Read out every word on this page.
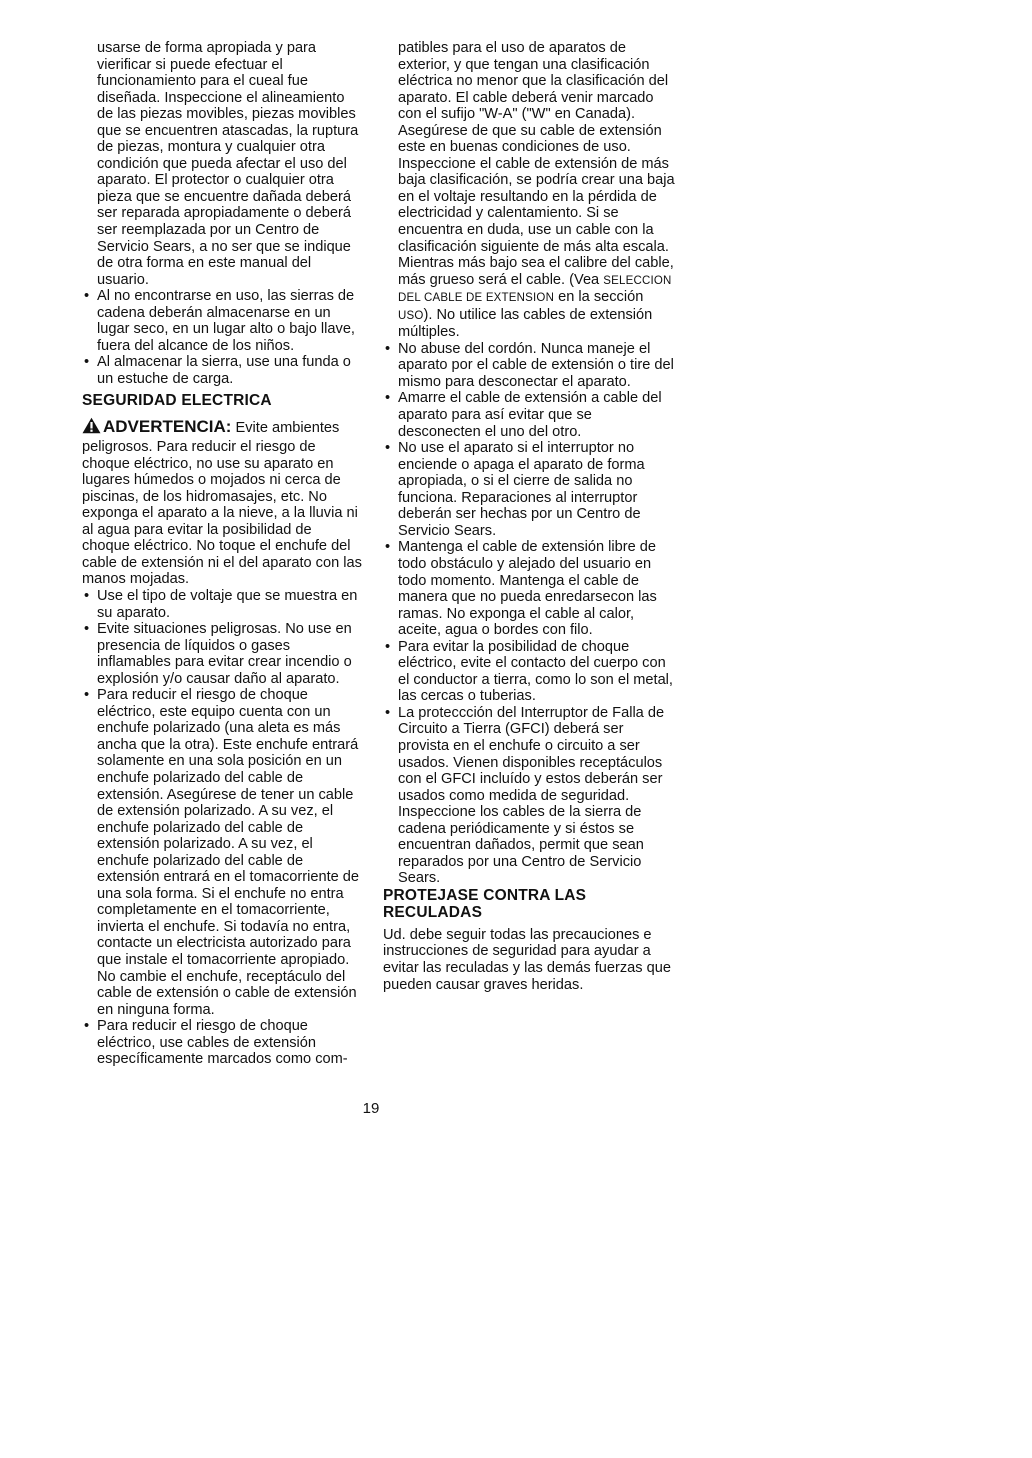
usarse de forma apropiada y para vierificar si puede efectuar el funcionamiento para el cueal fue diseñada. Inspeccione el alineamiento de las piezas movibles, piezas movibles que se encuentren atascadas, la ruptura de piezas, montura y cualquier otra condición que pueda afectar el uso del aparato. El protector o cualquier otra pieza que se encuentre dañada deberá ser reparada apropiadamente o deberá ser reemplazada por un Centro de Servicio Sears, a no ser que se indique de otra forma en este manual del usuario.

• Al no encontrarse en uso, las sierras de cadena deberán almacenarse en un lugar seco, en un lugar alto o bajo llave, fuera del alcance de los niños.
• Al almacenar la sierra, use una funda o un estuche de carga.
SEGURIDAD ELECTRICA

ADVERTENCIA: Evite ambientes peligrosos. Para reducir el riesgo de choque eléctrico, no use su aparato en lugares húmedos o mojados ni cerca de piscinas, de los hidromasajes, etc. No exponga el aparato a la nieve, a la lluvia ni al agua para evitar la posibilidad de choque eléctrico. No toque el enchufe del cable de extensión ni el del aparato con las manos mojadas.

• Use el tipo de voltaje que se muestra en su aparato.
• Evite situaciones peligrosas. No use en presencia de líquidos o gases inflamables para evitar crear incendio o explosión y/o causar daño al aparato.
• Para reducir el riesgo de choque eléctrico, este equipo cuenta con un enchufe polarizado (una aleta es más ancha que la otra). Este enchufe entrará solamente en una sola posición en un enchufe polarizado del cable de extensión. Asegúrese de tener un cable de extensión polarizado. A su vez, el enchufe polarizado del cable de extensión polarizado. A su vez, el enchufe polarizado del cable de extensión entrará en el tomacorriente de una sola forma. Si el enchufe no entra completamente en el tomacorriente, invierta el enchufe. Si todavía no entra, contacte un electricista autorizado para que instale el tomacorriente apropiado. No cambie el enchufe, receptáculo del cable de extensión o cable de extensión en ninguna forma.
• Para reducir el riesgo de choque eléctrico, use cables de extensión específicamente marcados como com-

patibles para el uso de aparatos de exterior, y que tengan una clasificación eléctrica no menor que la clasificación del aparato. El cable deberá venir marcado con el sufijo "W-A" ("W" en Canada). Asegúrese de que su cable de extensión este en buenas condiciones de uso. Inspeccione el cable de extensión de más baja clasificación, se podría crear una baja en el voltaje resultando en la pérdida de electricidad y calentamiento. Si se encuentra en duda, use un cable con la clasificación siguiente de más alta escala. Mientras más bajo sea el calibre del cable, más grueso será el cable. (Vea SELECCION DEL CABLE DE EXTENSION en la sección USO). No utilice las cables de extensión múltiples.

• No abuse del cordón. Nunca maneje el aparato por el cable de extensión o tire del mismo para desconectar el aparato.
• Amarre el cable de extensión a cable del aparato para así evitar que se desconecten el uno del otro.
• No use el aparato si el interruptor no enciende o apaga el aparato de forma apropiada, o si el cierre de salida no funciona. Reparaciones al interruptor deberán ser hechas por un Centro de Servicio Sears.
• Mantenga el cable de extensión libre de todo obstáculo y alejado del usuario en todo momento. Mantenga el cable de manera que no pueda enredarsecon las ramas. No exponga el cable al calor, aceite, agua o bordes con filo.
• Para evitar la posibilidad de choque eléctrico, evite el contacto del cuerpo con el conductor a tierra, como lo son el metal, las cercas o tuberias.
• La proteccción del Interruptor de Falla de Circuito a Tierra (GFCI) deberá ser provista en el enchufe o circuito a ser usados. Vienen disponibles receptáculos con el GFCI incluído y estos deberán ser usados como medida de seguridad. Inspeccione los cables de la sierra de cadena periódicamente y si éstos se encuentran dañados, permit que sean reparados por una Centro de Servicio Sears.
PROTEJASE CONTRA LAS RECULADAS

Ud. debe seguir todas las precauciones e instrucciones de seguridad para ayudar a evitar las reculadas y las demás fuerzas que pueden causar graves heridas.

19
